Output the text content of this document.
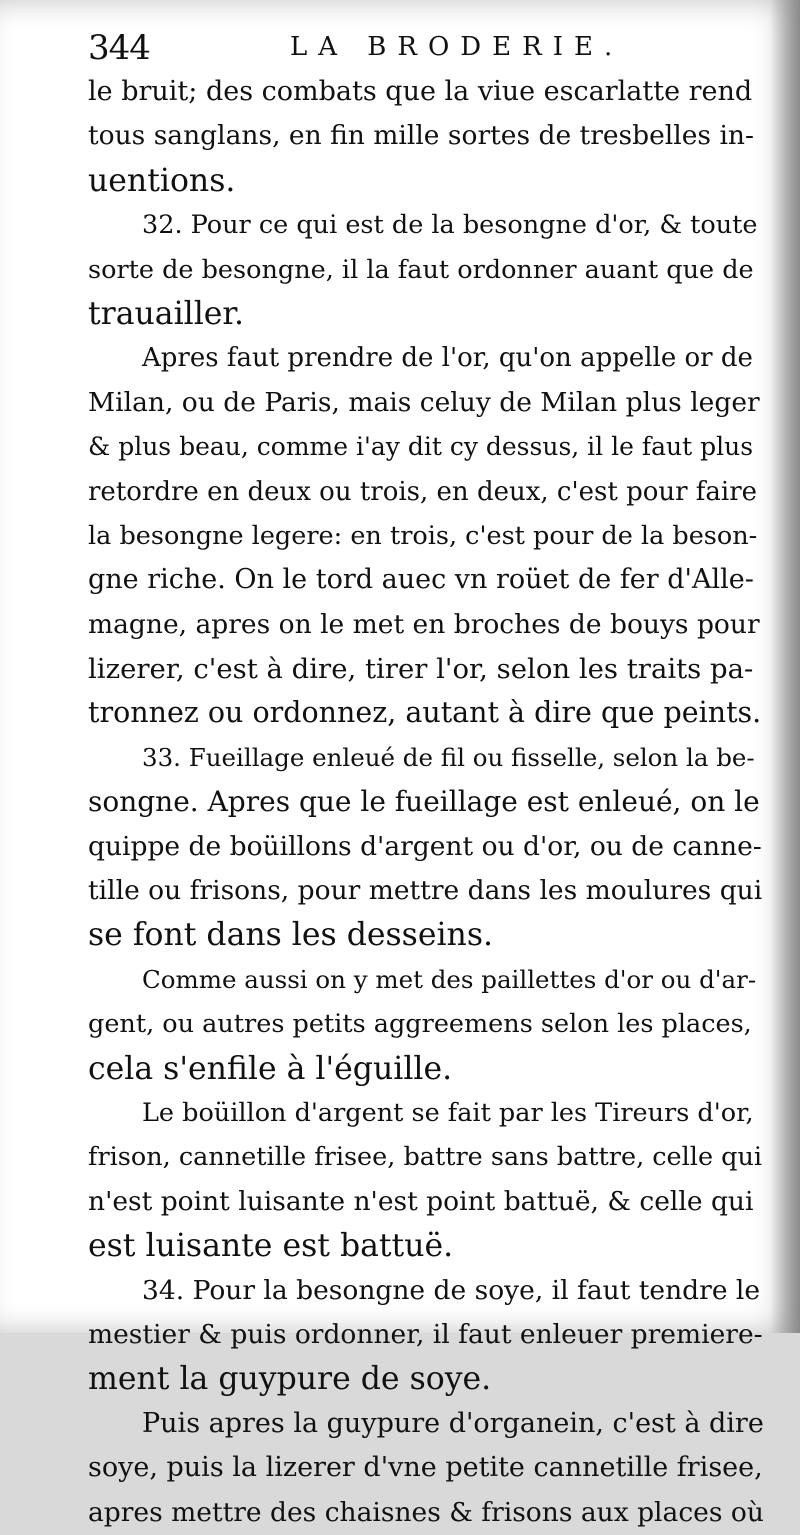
344	LA BRODERIE.
le bruit; des combats que la viue escarlatte rend
tous sanglans, en fin mille sortes de tresbelles in-
uentions.
32. Pour ce qui est de la besongne d'or, & toute
sorte de besongne, il la faut ordonner auant que de
trauailler.
Apres faut prendre de l'or, qu'on appelle or de
Milan, ou de Paris, mais celuy de Milan plus leger
& plus beau, comme i'ay dit cy dessus, il le faut plus
retordre en deux ou trois, en deux, c'est pour faire
la besongne legere: en trois, c'est pour de la beson-
gne riche. On le tord auec vn roüet de fer d'Alle-
magne, apres on le met en broches de bouys pour
lizerer, c'est à dire, tirer l'or, selon les traits pa-
tronnez ou ordonnez, autant à dire que peints.
33. Fueillage enleué de fil ou fisselle, selon la be-
songne. Apres que le fueillage est enleué, on le
quippe de boüillons d'argent ou d'or, ou de canne-
tille ou frisons, pour mettre dans les moulures qui
se font dans les desseins.
Comme aussi on y met des paillettes d'or ou d'ar-
gent, ou autres petits aggreemens selon les places,
cela s'enfile à l'éguille.
Le boüillon d'argent se fait par les Tireurs d'or,
frison, cannetille frisee, battre sans battre, celle qui
n'est point luisante n'est point battuë, & celle qui
est luisante est battuë.
34. Pour la besongne de soye, il faut tendre le
mestier & puis ordonner, il faut enleuer premiere-
ment la guypure de soye.
Puis apres la guypure d'organein, c'est à dire
soye, puis la lizerer d'vne petite cannetille frisee,
apres mettre des chaisnes & frisons aux places où
